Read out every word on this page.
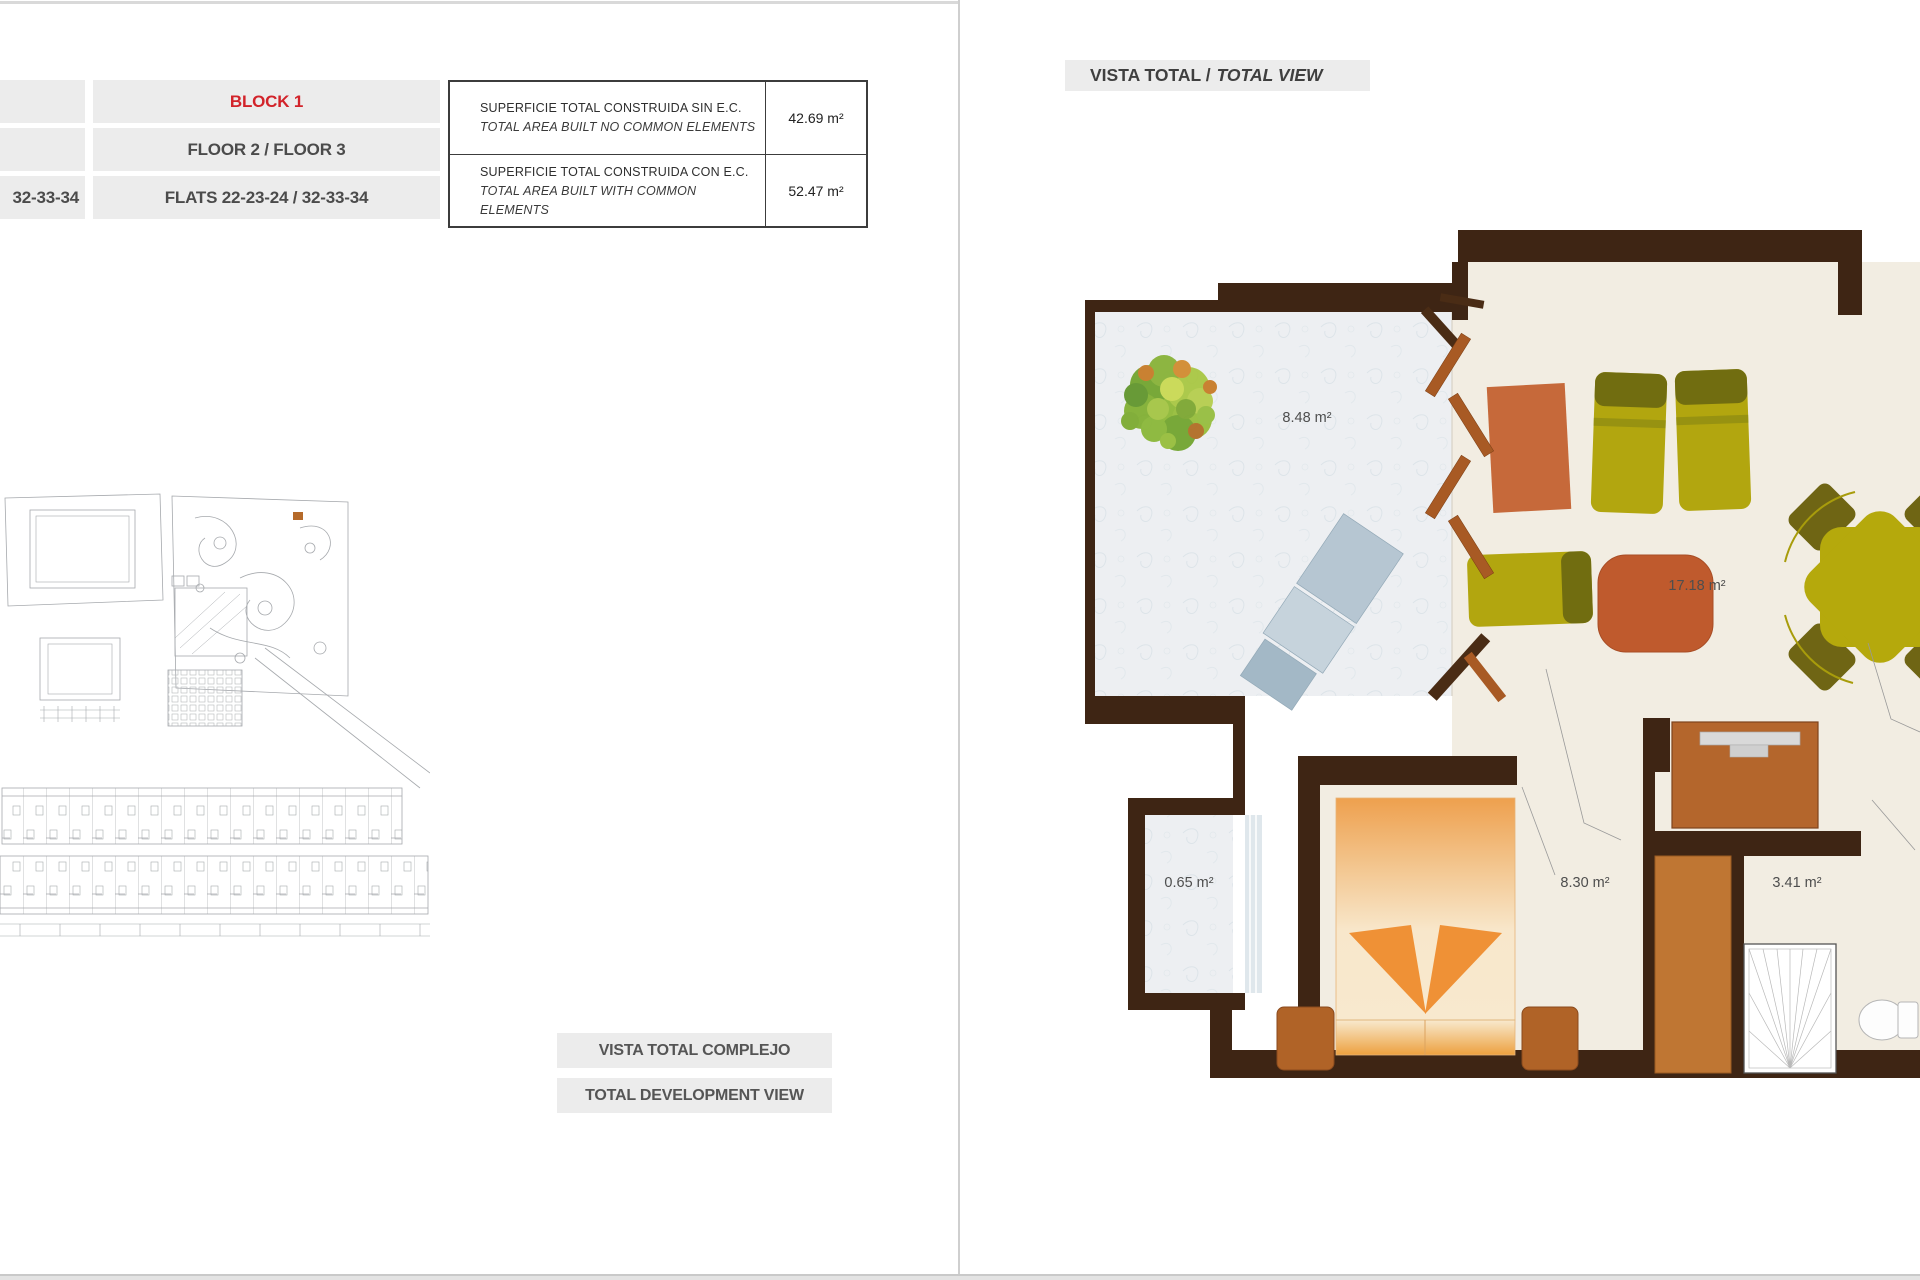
32-33-34
BLOCK 1
FLOOR 2 / FLOOR 3
FLATS 22-23-24 / 32-33-34
SUPERFICIE TOTAL CONSTRUIDA SIN E.C.
TOTAL AREA BUILT NO COMMON ELEMENTS
42.69 m²
SUPERFICIE TOTAL CONSTRUIDA CON E.C.
TOTAL AREA BUILT WITH COMMON ELEMENTS
52.47 m²
VISTA TOTAL COMPLEJO
TOTAL DEVELOPMENT VIEW
VISTA TOTAL / TOTAL VIEW
8.48 m²
17.18 m²
0.65 m²	8.30 m²	3.41 m²
